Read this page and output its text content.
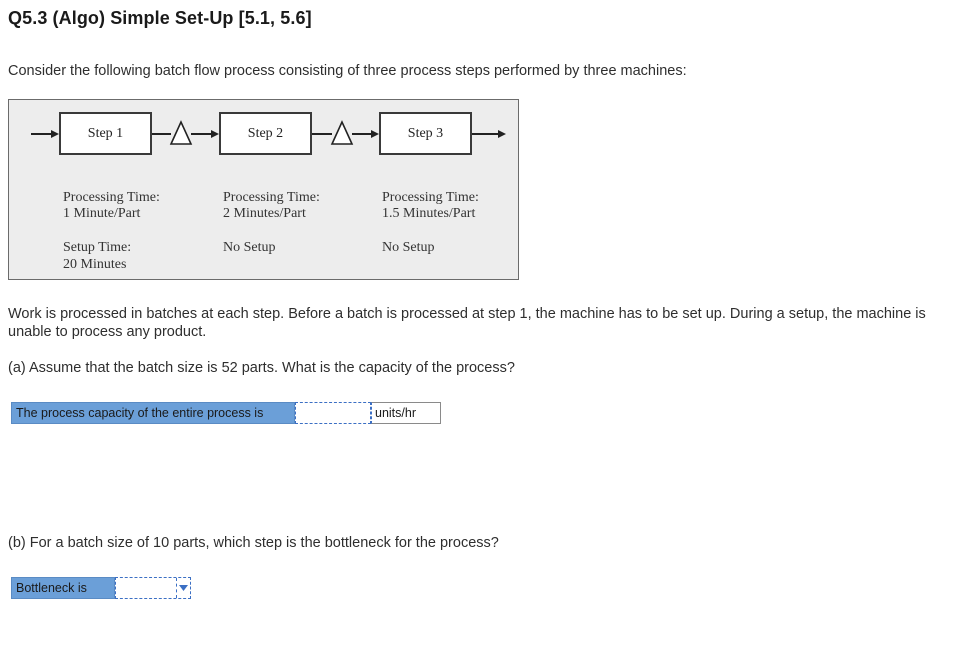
Q5.3 (Algo) Simple Set-Up [5.1, 5.6]
Consider the following batch flow process consisting of three process steps performed by three machines:
Step 1	Step 2	Step 3
Processing Time:
1 Minute/Part
Setup Time:
20 Minutes
Processing Time:
2 Minutes/Part
No Setup
Processing Time:
1.5 Minutes/Part
No Setup
Work is processed in batches at each step. Before a batch is processed at step 1, the machine has to be set up. During a setup, the machine is unable to process any product.
(a) Assume that the batch size is 52 parts. What is the capacity of the process?
The process capacity of the entire process is	units/hr
(b) For a batch size of 10 parts, which step is the bottleneck for the process?
Bottleneck is
